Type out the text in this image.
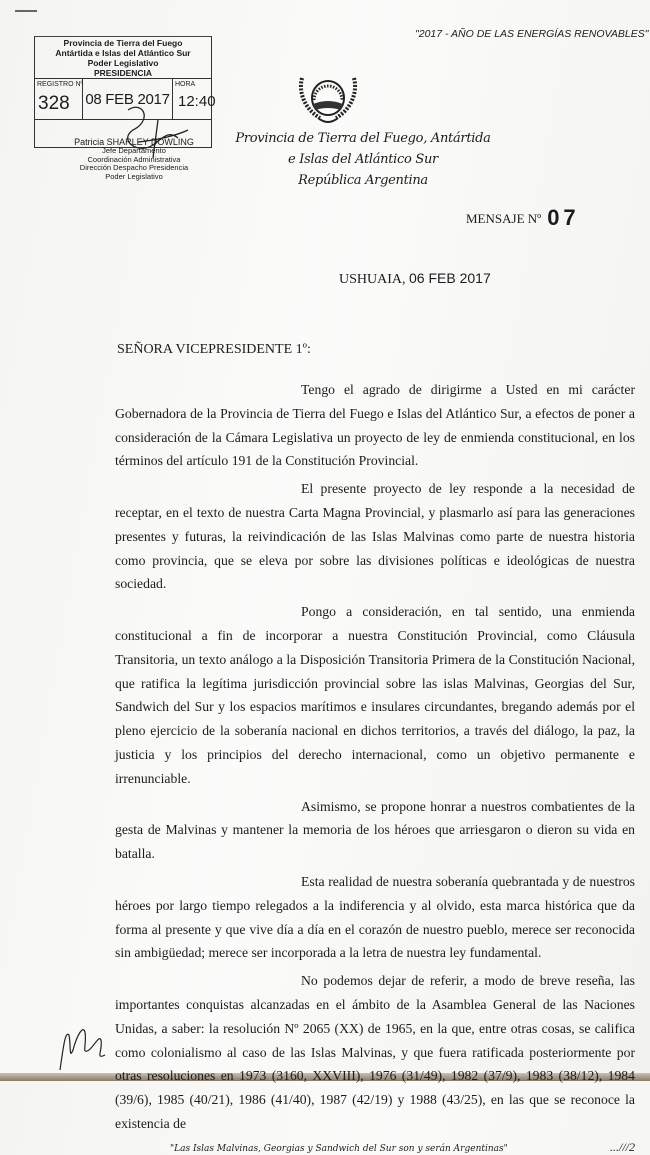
"2017 - AÑO DE LAS ENERGÍAS RENOVABLES"
Provincia de Tierra del Fuego
Antártida e Islas del Atlántico Sur
Poder Legislativo
PRESIDENCIA
REGISTRO Nº
328 08 FEB 2017
HORA
12:40
Patricia SHARLEY DOWLING
Jefe Departamento
Coordinación Administrativa
Dirección Despacho Presidencia
Poder Legislativo
Provincia de Tierra del Fuego, Antártida
e Islas del Atlántico Sur
República Argentina
MENSAJE Nº 07
USHUAIA, 06 FEB 2017
SEÑORA VICEPRESIDENTE 1º:

Tengo el agrado de dirigirme a Usted en mi carácter Gobernadora de la Provincia de Tierra del Fuego e Islas del Atlántico Sur, a efectos de poner a consideración de la Cámara Legislativa un proyecto de ley de enmienda constitucional, en los términos del artículo 191 de la Constitución Provincial.

El presente proyecto de ley responde a la necesidad de receptar, en el texto de nuestra Carta Magna Provincial, y plasmarlo así para las generaciones presentes y futuras, la reivindicación de las Islas Malvinas como parte de nuestra historia como provincia, que se eleva por sobre las divisiones políticas e ideológicas de nuestra sociedad.

Pongo a consideración, en tal sentido, una enmienda constitucional a fin de incorporar a nuestra Constitución Provincial, como Cláusula Transitoria, un texto análogo a la Disposición Transitoria Primera de la Constitución Nacional, que ratifica la legítima jurisdicción provincial sobre las islas Malvinas, Georgias del Sur, Sandwich del Sur y los espacios marítimos e insulares circundantes, bregando además por el pleno ejercicio de la soberanía nacional en dichos territorios, a través del diálogo, la paz, la justicia y los principios del derecho internacional, como un objetivo permanente e irrenunciable.

Asimismo, se propone honrar a nuestros combatientes de la gesta de Malvinas y mantener la memoria de los héroes que arriesgaron o dieron su vida en batalla.

Esta realidad de nuestra soberanía quebrantada y de nuestros héroes por largo tiempo relegados a la indiferencia y al olvido, esta marca histórica que da forma al presente y que vive día a día en el corazón de nuestro pueblo, merece ser reconocida sin ambigüedad; merece ser incorporada a la letra de nuestra ley fundamental.

No podemos dejar de referir, a modo de breve reseña, las importantes conquistas alcanzadas en el ámbito de la Asamblea General de las Naciones Unidas, a saber: la resolución Nº 2065 (XX) de 1965, en la que, entre otras cosas, se califica como colonialismo al caso de las Islas Malvinas, y que fuera ratificada posteriormente por otras resoluciones en 1973 (3160, XXVIII), 1976 (31/49), 1982 (37/9), 1983 (38/12), 1984 (39/6), 1985 (40/21), 1986 (41/40), 1987 (42/19) y 1988 (43/25), en las que se reconoce la existencia de

"Las Islas Malvinas, Georgias y Sandwich del Sur son y serán Argentinas"	...///2
